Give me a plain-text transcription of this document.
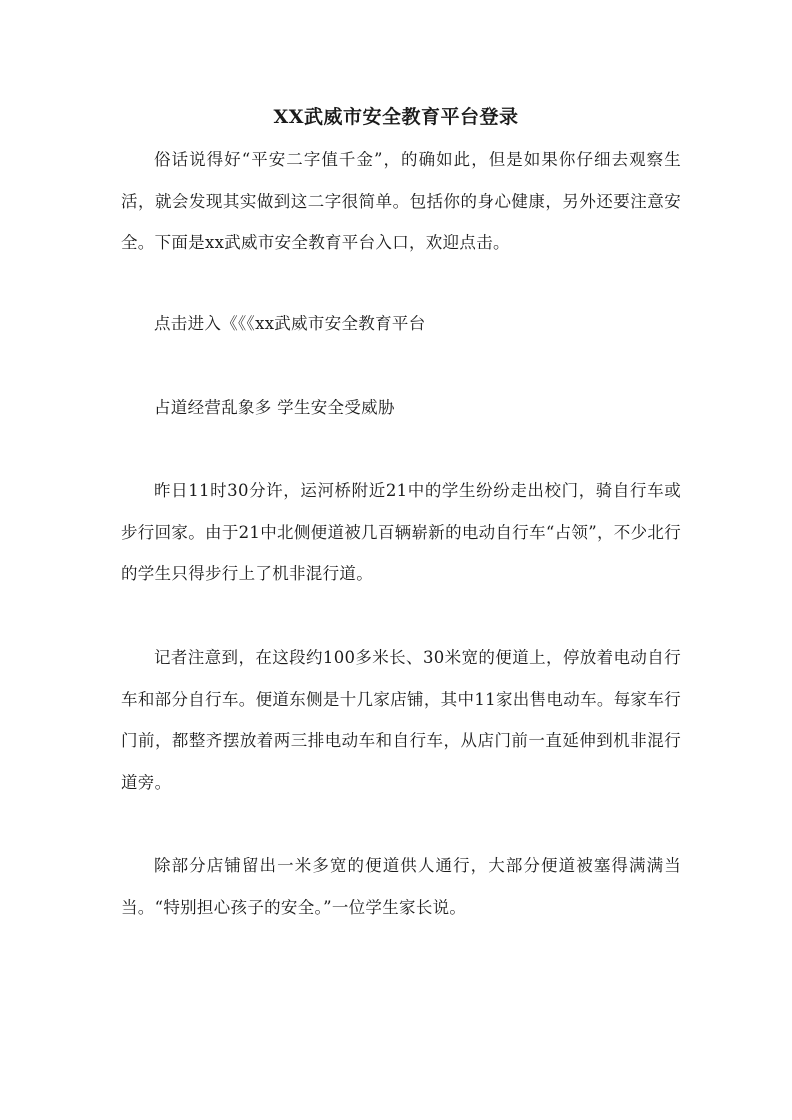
XX武威市安全教育平台登录

俗话说得好“平安二字值千金”，的确如此，但是如果你仔细去观察生活，就会发现其实做到这二字很简单。包括你的身心健康，另外还要注意安全。下面是xx武威市安全教育平台入口，欢迎点击。

点击进入《《《xx武威市安全教育平台

占道经营乱象多 学生安全受威胁

昨日11时30分许，运河桥附近21中的学生纷纷走出校门，骑自行车或步行回家。由于21中北侧便道被几百辆崭新的电动自行车“占领”，不少北行的学生只得步行上了机非混行道。

记者注意到，在这段约100多米长、30米宽的便道上，停放着电动自行车和部分自行车。便道东侧是十几家店铺，其中11家出售电动车。每家车行门前，都整齐摆放着两三排电动车和自行车，从店门前一直延伸到机非混行道旁。

除部分店铺留出一米多宽的便道供人通行，大部分便道被塞得满满当当。“特别担心孩子的安全。”一位学生家长说。
